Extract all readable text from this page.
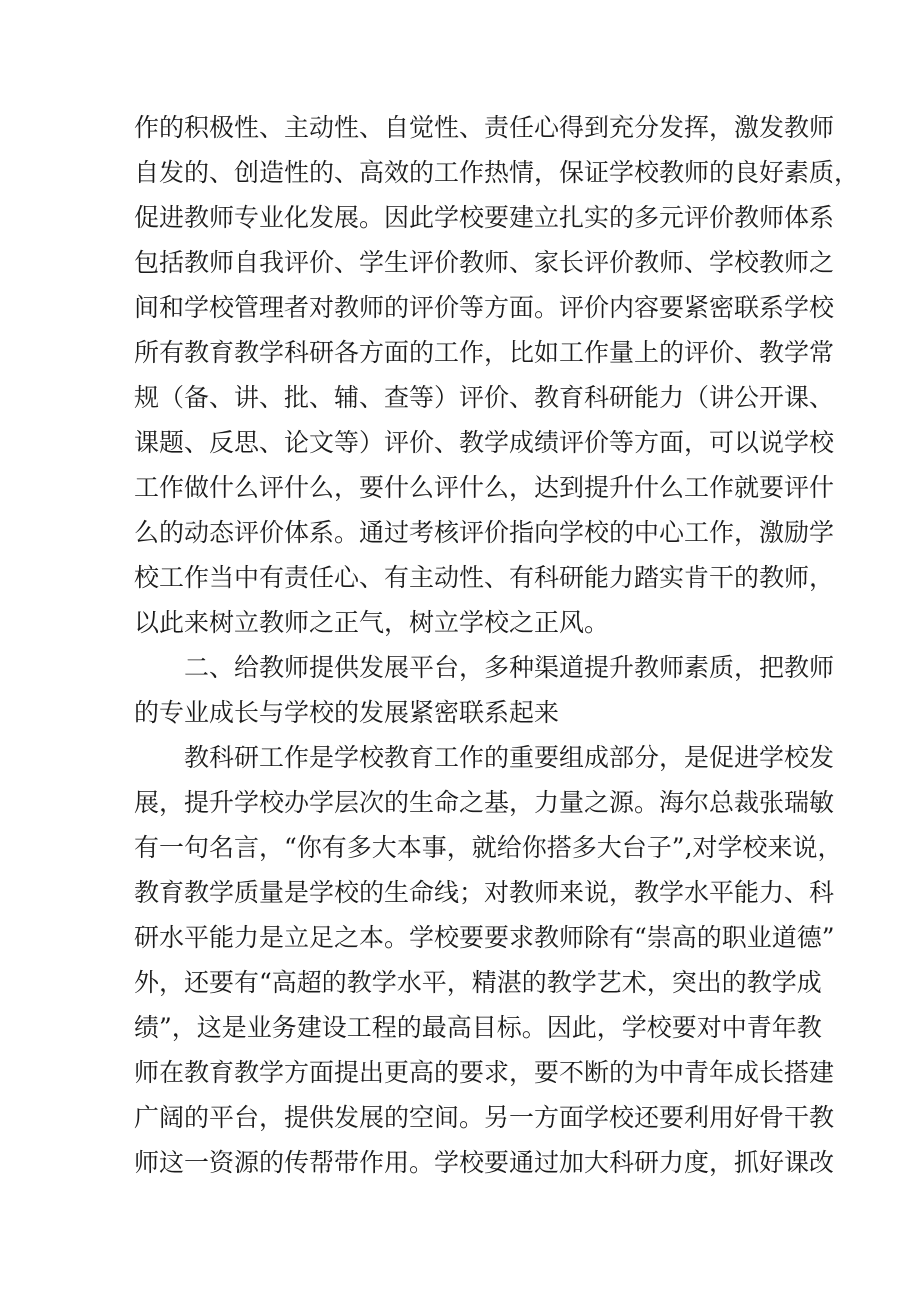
作的积极性、主动性、自觉性、责任心得到充分发挥，激发教师

自发的、创造性的、高效的工作热情，保证学校教师的良好素质，

促进教师专业化发展。因此学校要建立扎实的多元评价教师体系

包括教师自我评价、学生评价教师、家长评价教师、学校教师之

间和学校管理者对教师的评价等方面。评价内容要紧密联系学校

所有教育教学科研各方面的工作，比如工作量上的评价、教学常

规（备、讲、批、辅、查等）评价、教育科研能力（讲公开课、

课题、反思、论文等）评价、教学成绩评价等方面，可以说学校

工作做什么评什么，要什么评什么，达到提升什么工作就要评什

么的动态评价体系。通过考核评价指向学校的中心工作，激励学

校工作当中有责任心、有主动性、有科研能力踏实肯干的教师，

以此来树立教师之正气，树立学校之正风。

二、给教师提供发展平台，多种渠道提升教师素质，把教师

的专业成长与学校的发展紧密联系起来

教科研工作是学校教育工作的重要组成部分，是促进学校发

展，提升学校办学层次的生命之基，力量之源。海尔总裁张瑞敏

有一句名言，“你有多大本事，就给你搭多大台子”,对学校来说，

教育教学质量是学校的生命线；对教师来说，教学水平能力、科

研水平能力是立足之本。学校要要求教师除有“崇高的职业道德”

外，还要有“高超的教学水平，精湛的教学艺术，突出的教学成

绩”，这是业务建设工程的最高目标。因此，学校要对中青年教

师在教育教学方面提出更高的要求，要不断的为中青年成长搭建

广阔的平台，提供发展的空间。另一方面学校还要利用好骨干教

师这一资源的传帮带作用。学校要通过加大科研力度，抓好课改
